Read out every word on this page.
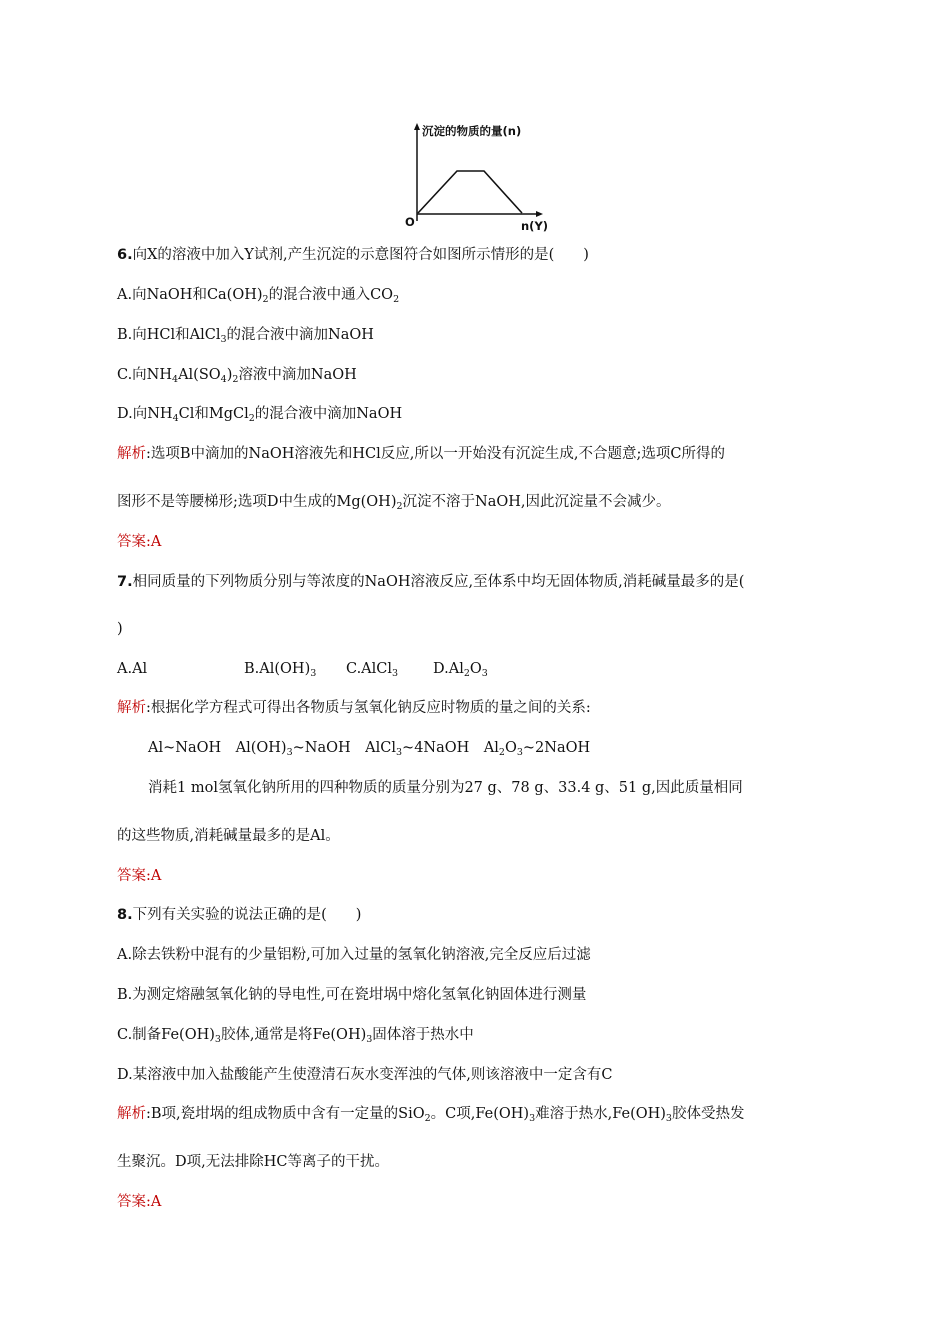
沉淀的物质的量(n)
O	n(Y)
6.向X的溶液中加入Y试剂,产生沉淀的示意图符合如图所示情形的是(　　)
A.向NaOH和$Ca(OH)_2$的混合液中通入$CO_2$
B.向HCl和AlCl$_3$的混合液中滴加NaOH
C.向$NH_4Al(SO_4)_2$溶液中滴加NaOH
D.向$NH_4Cl$和MgCl$_2$的混合液中滴加NaOH
解析:选项B中滴加的NaOH溶液先和HCl反应,所以一开始没有沉淀生成,不合题意;选项C所得的
图形不是等腰梯形;选项D中生成的$Mg(OH)_2$沉淀不溶于NaOH,因此沉淀量不会减少。
答案:A
7.相同质量的下列物质分别与等浓度的NaOH溶液反应,至体系中均无固体物质,消耗碱量最多的是(
)
A.Al	$B.Al(OH)_3$ C.AlCl$_3$ $D.Al_2O_3$
解析:根据化学方程式可得出各物质与氢氧化钠反应时物质的量之间的关系:
Al~NaOH　$Al(OH)_3\sim NaOH$　AlCl$_3$~4NaOH　$Al_2O_3\sim 2NaOH$
消耗1 mol氢氧化钠所用的四种物质的质量分别为27 g、78 g、33.4 g、51 g,因此质量相同
的这些物质,消耗碱量最多的是Al。
答案:A
8.下列有关实验的说法正确的是(　　)
A.除去铁粉中混有的少量铝粉,可加入过量的氢氧化钠溶液,完全反应后过滤
B.为测定熔融氢氧化钠的导电性,可在瓷坩埚中熔化氢氧化钠固体进行测量
C.制备$Fe(OH)_3$胶体,通常是将$Fe(OH)_3$固体溶于热水中
D.某溶液中加入盐酸能产生使澄清石灰水变浑浊的气体,则该溶液中一定含有C
解析:B项,瓷坩埚的组成物质中含有一定量的SiO$_2$。C项$,Fe(OH)_3$难溶于热水$,Fe(OH)_3$胶体受热发
生聚沉。D项,无法排除HC等离子的干扰。
答案:A
